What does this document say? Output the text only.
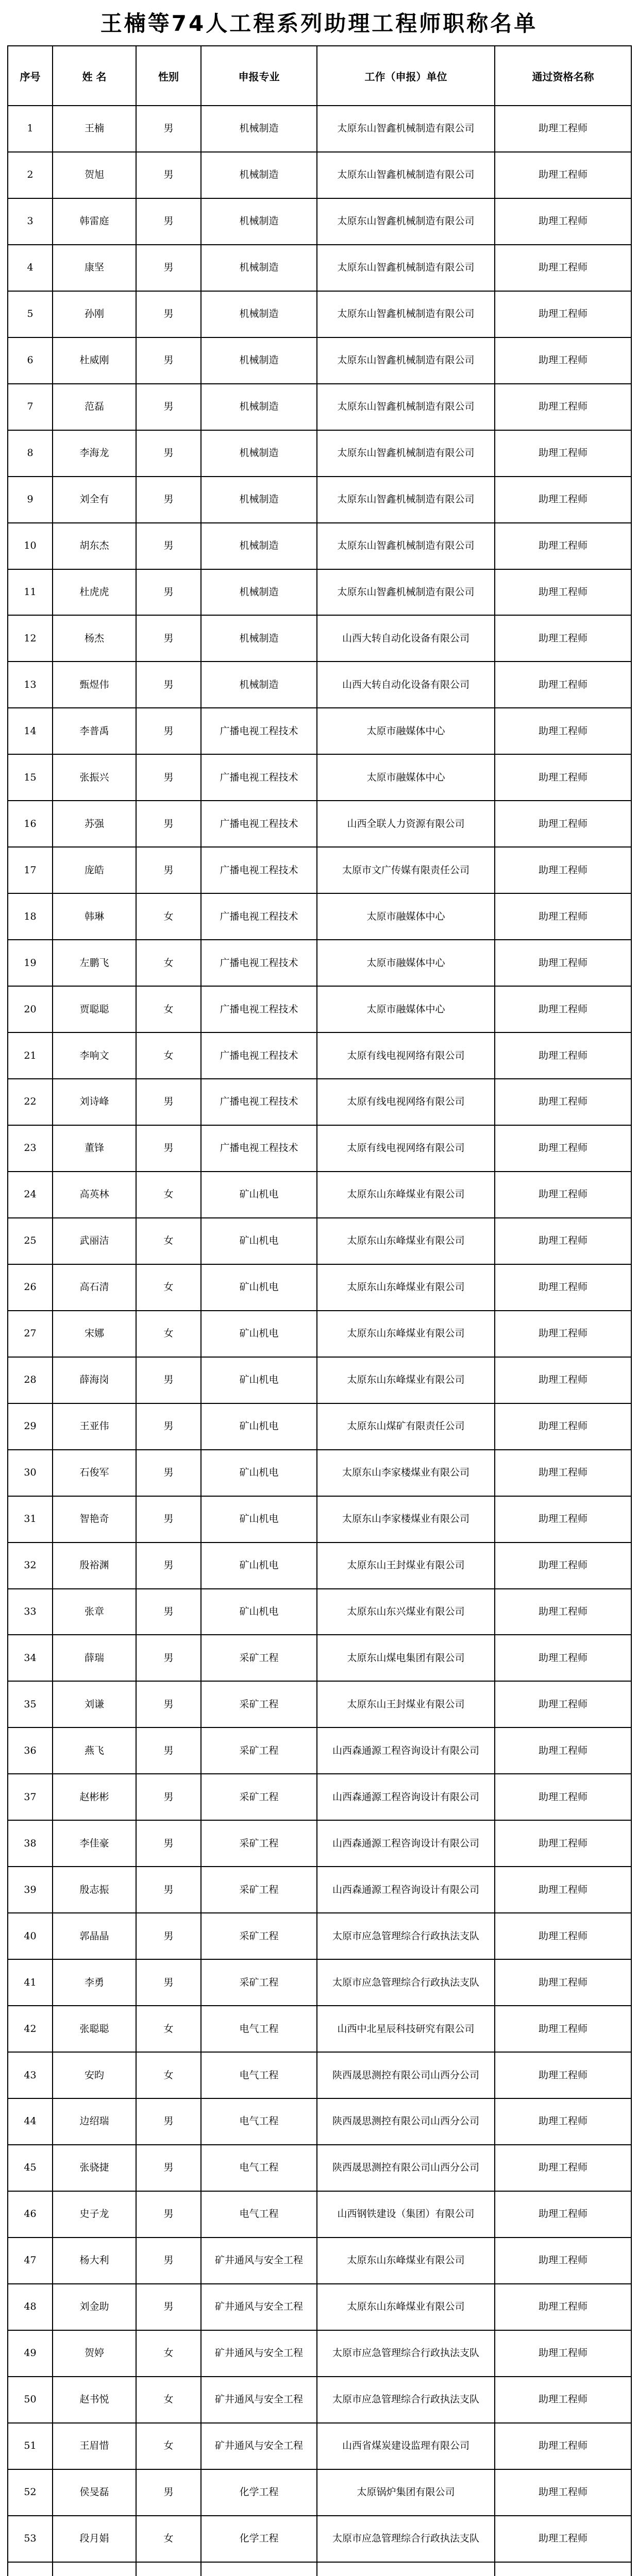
王楠等74人工程系列助理工程师职称名单
序号	姓 名	性别	申报专业	工作（申报）单位	通过资格名称
1	王楠	男	机械制造	太原东山智鑫机械制造有限公司	助理工程师
2	贺旭	男	机械制造	太原东山智鑫机械制造有限公司	助理工程师
3	韩雷庭	男	机械制造	太原东山智鑫机械制造有限公司	助理工程师
4	康坚	男	机械制造	太原东山智鑫机械制造有限公司	助理工程师
5	孙刚	男	机械制造	太原东山智鑫机械制造有限公司	助理工程师
6	杜威刚	男	机械制造	太原东山智鑫机械制造有限公司	助理工程师
7	范磊	男	机械制造	太原东山智鑫机械制造有限公司	助理工程师
8	李海龙	男	机械制造	太原东山智鑫机械制造有限公司	助理工程师
9	刘全有	男	机械制造	太原东山智鑫机械制造有限公司	助理工程师
10	胡东杰	男	机械制造	太原东山智鑫机械制造有限公司	助理工程师
11	杜虎虎	男	机械制造	太原东山智鑫机械制造有限公司	助理工程师
12	杨杰	男	机械制造	山西大转自动化设备有限公司	助理工程师
13	甄煜伟	男	机械制造	山西大转自动化设备有限公司	助理工程师
14	李普禹	男	广播电视工程技术	太原市融媒体中心	助理工程师
15	张振兴	男	广播电视工程技术	太原市融媒体中心	助理工程师
16	苏强	男	广播电视工程技术	山西全联人力资源有限公司	助理工程师
17	庞皓	男	广播电视工程技术	太原市文广传媒有限责任公司	助理工程师
18	韩琳	女	广播电视工程技术	太原市融媒体中心	助理工程师
19	左鹏飞	女	广播电视工程技术	太原市融媒体中心	助理工程师
20	贾聪聪	女	广播电视工程技术	太原市融媒体中心	助理工程师
21	李响文	女	广播电视工程技术	太原有线电视网络有限公司	助理工程师
22	刘诗峰	男	广播电视工程技术	太原有线电视网络有限公司	助理工程师
23	董锋	男	广播电视工程技术	太原有线电视网络有限公司	助理工程师
24	高英林	女	矿山机电	太原东山东峰煤业有限公司	助理工程师
25	武丽洁	女	矿山机电	太原东山东峰煤业有限公司	助理工程师
26	高石清	女	矿山机电	太原东山东峰煤业有限公司	助理工程师
27	宋娜	女	矿山机电	太原东山东峰煤业有限公司	助理工程师
28	薛海岗	男	矿山机电	太原东山东峰煤业有限公司	助理工程师
29	王亚伟	男	矿山机电	太原东山煤矿有限责任公司	助理工程师
30	石俊军	男	矿山机电	太原东山李家楼煤业有限公司	助理工程师
31	智艳奇	男	矿山机电	太原东山李家楼煤业有限公司	助理工程师
32	殷裕渊	男	矿山机电	太原东山王封煤业有限公司	助理工程师
33	张章	男	矿山机电	太原东山东兴煤业有限公司	助理工程师
34	薛瑞	男	采矿工程	太原东山煤电集团有限公司	助理工程师
35	刘谦	男	采矿工程	太原东山王封煤业有限公司	助理工程师
36	燕飞	男	采矿工程	山西森通源工程咨询设计有限公司	助理工程师
37	赵彬彬	男	采矿工程	山西森通源工程咨询设计有限公司	助理工程师
38	李佳豪	男	采矿工程	山西森通源工程咨询设计有限公司	助理工程师
39	殷志振	男	采矿工程	山西森通源工程咨询设计有限公司	助理工程师
40	郭晶晶	男	采矿工程	太原市应急管理综合行政执法支队	助理工程师
41	李勇	男	采矿工程	太原市应急管理综合行政执法支队	助理工程师
42	张聪聪	女	电气工程	山西中北星辰科技研究有限公司	助理工程师
43	安昀	女	电气工程	陕西晟思测控有限公司山西分公司	助理工程师
44	边绍瑞	男	电气工程	陕西晟思测控有限公司山西分公司	助理工程师
45	张骁捷	男	电气工程	陕西晟思测控有限公司山西分公司	助理工程师
46	史子龙	男	电气工程	山西钢铁建设（集团）有限公司	助理工程师
47	杨大利	男	矿井通风与安全工程	太原东山东峰煤业有限公司	助理工程师
48	刘金助	男	矿井通风与安全工程	太原东山东峰煤业有限公司	助理工程师
49	贺婷	女	矿井通风与安全工程	太原市应急管理综合行政执法支队	助理工程师
50	赵书悦	女	矿井通风与安全工程	太原市应急管理综合行政执法支队	助理工程师
51	王眉惜	女	矿井通风与安全工程	山西省煤炭建设监理有限公司	助理工程师
52	侯旻磊	男	化学工程	太原锅炉集团有限公司	助理工程师
53	段月娟	女	化学工程	太原市应急管理综合行政执法支队	助理工程师
